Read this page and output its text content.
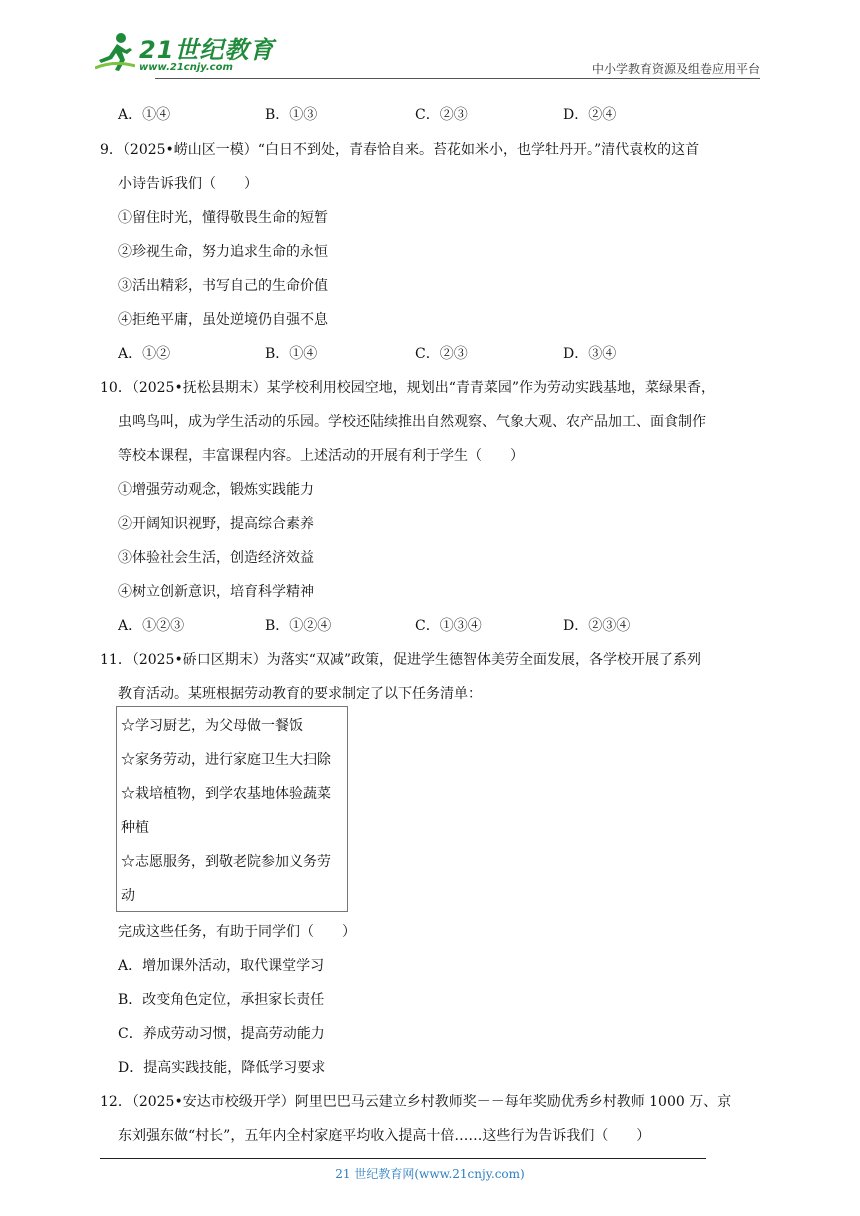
21世纪教育
www.21cnjy.com	中小学教育资源及组卷应用平台
A．①④	B．①③	C．②③	D．②④
9．（2025•崂山区一模）“白日不到处，青春恰自来。苔花如米小，也学牡丹开。”清代袁枚的这首
小诗告诉我们（　　）
①留住时光，懂得敬畏生命的短暂
②珍视生命，努力追求生命的永恒
③活出精彩，书写自己的生命价值
④拒绝平庸，虽处逆境仍自强不息
A．①②	B．①④	C．②③	D．③④
10．（2025•抚松县期末）某学校利用校园空地，规划出“青青菜园”作为劳动实践基地，菜绿果香，
虫鸣鸟叫，成为学生活动的乐园。学校还陆续推出自然观察、气象大观、农产品加工、面食制作
等校本课程，丰富课程内容。上述活动的开展有利于学生（　　）
①增强劳动观念，锻炼实践能力
②开阔知识视野，提高综合素养
③体验社会生活，创造经济效益
④树立创新意识，培育科学精神
A．①②③	B．①②④	C．①③④	D．②③④
11．（2025•硚口区期末）为落实“双减”政策，促进学生德智体美劳全面发展，各学校开展了系列
教育活动。某班根据劳动教育的要求制定了以下任务清单：
☆学习厨艺，为父母做一餐饭
☆家务劳动，进行家庭卫生大扫除
☆栽培植物，到学农基地体验蔬菜
种植
☆志愿服务，到敬老院参加义务劳
动
完成这些任务，有助于同学们（　　）
A．增加课外活动，取代课堂学习
B．改变角色定位，承担家长责任
C．养成劳动习惯，提高劳动能力
D．提高实践技能，降低学习要求
12．（2025•安达市校级开学）阿里巴巴马云建立乡村教师奖－－每年奖励优秀乡村教师 1000 万、京
东刘强东做“村长”，五年内全村家庭平均收入提高十倍……这些行为告诉我们（　　）
21 世纪教育网(www.21cnjy.com)
